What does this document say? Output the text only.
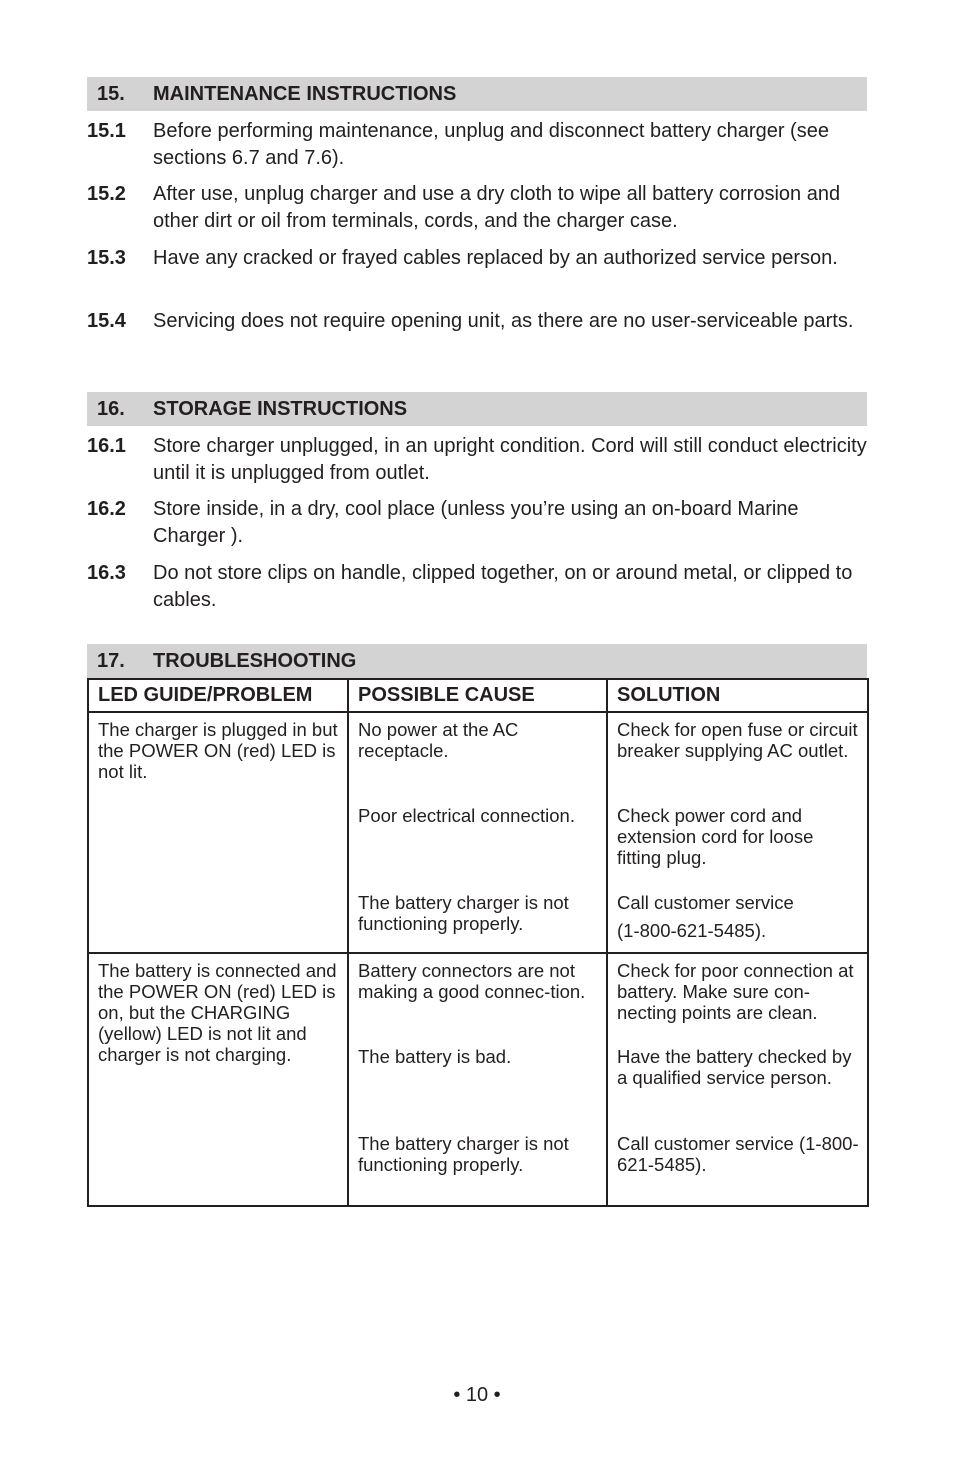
15. MAINTENANCE INSTRUCTIONS
15.1 Before performing maintenance, unplug and disconnect battery charger (see sections 6.7 and 7.6).
15.2 After use, unplug charger and use a dry cloth to wipe all battery corrosion and other dirt or oil from terminals, cords, and the charger case.
15.3 Have any cracked or frayed cables replaced by an authorized service person.
15.4 Servicing does not require opening unit, as there are no user-serviceable parts.
16. STORAGE INSTRUCTIONS
16.1 Store charger unplugged, in an upright condition. Cord will still conduct electricity until it is unplugged from outlet.
16.2 Store inside, in a dry, cool place (unless you’re using an on-board Marine Charger ).
16.3 Do not store clips on handle, clipped together, on or around metal, or clipped to cables.
17. TROUBLESHOOTING
LED GUIDE/PROBLEM	POSSIBLE CAUSE	SOLUTION
The charger is plugged in but the POWER ON (red) LED is not lit.	No power at the AC receptacle.	Check for open fuse or circuit breaker supplying AC outlet.
	Poor electrical connection.	Check power cord and extension cord for loose fitting plug.
	The battery charger is not functioning properly.	Call customer service
(1-800-621-5485).

The battery is connected and the POWER ON (red) LED is on, but the CHARGING (yellow) LED is not lit and charger is not charging.	Battery connectors are not making a good connec-tion.	Check for poor connection at battery. Make sure con-necting points are clean.
	The battery is bad.	Have the battery checked by a qualified service person.
	The battery charger is not functioning properly.	Call customer service (1-800-621-5485).
• 10 •
